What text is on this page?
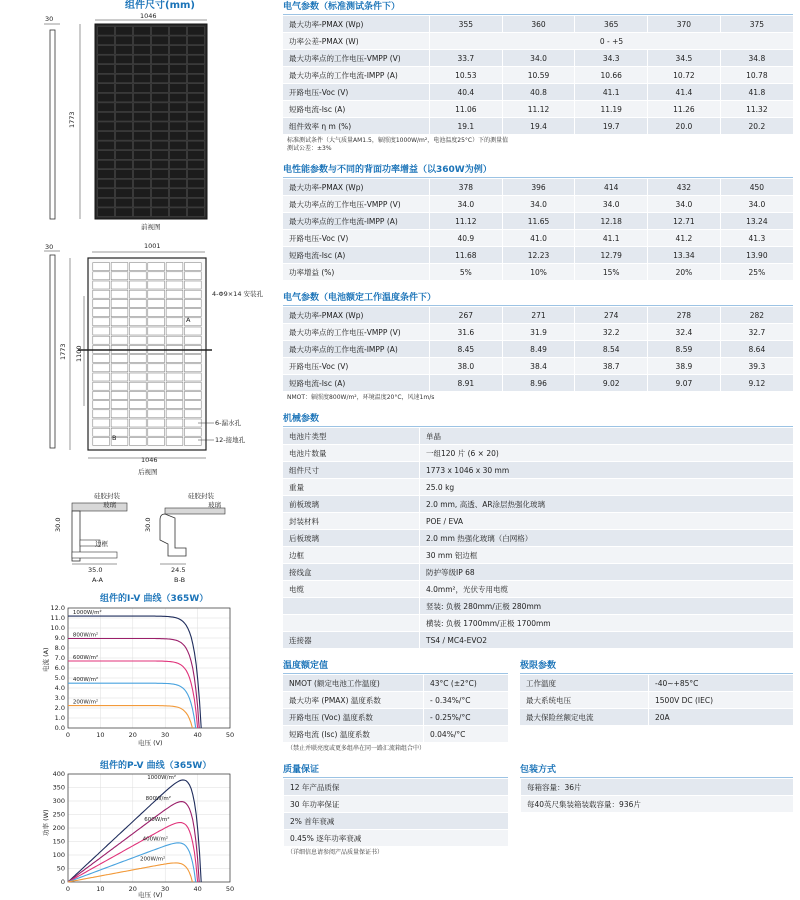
组件尺寸(mm)
30	1046
1773
前视图
30	1001
1773 1100
4-Φ9×14 安装孔
A
B
6-漏水孔
12-接地孔
1046
后视图
硅胶封装
玻璃
边框
30.0
35.0
A-A
硅胶封装
玻璃
30.0
24.5
B-B
组件的I-V 曲线（365W）
0.0
1.0
2.0
3.0
4.0
5.0
6.0
7.0
8.0
9.0
10.0
11.0
12.0
0	10	20	30	40	50
1000W/m²
800W/m²
600W/m²
400W/m²
200W/m²
电压 (V)
电流 (A)
组件的P-V 曲线（365W）
0
50
100
150
200
250
300
350
400
0	10	20	30	40	50
1000W/m²
800W/m²
600W/m²
400W/m²
200W/m²
电压 (V)
功率 (W)
电气参数（标准测试条件下）
最大功率-PMAX (Wp)	355	360	365	370	375
功率公差-PMAX (W)	0 - +5				
最大功率点的工作电压-VMPP (V)	33.7	34.0	34.3	34.5	34.8
最大功率点的工作电流-IMPP (A)	10.53	10.59	10.66	10.72	10.78
开路电压-Voc (V)	40.4	40.8	41.1	41.4	41.8
短路电流-Isc (A)	11.06	11.12	11.19	11.26	11.32
组件效率 η m (%)	19.1	19.4	19.7	20.0	20.2
标准测试条件（大气质量AM1.5，辐照度1000W/m²，电池温度25°C）下的测量值
测试公差：±3%
电性能参数与不同的背面功率增益（以360W为例）
最大功率-PMAX (Wp)	378	396	414	432	450
最大功率点的工作电压-VMPP (V)	34.0	34.0	34.0	34.0	34.0
最大功率点的工作电流-IMPP (A)	11.12	11.65	12.18	12.71	13.24
开路电压-Voc (V)	40.9	41.0	41.1	41.2	41.3
短路电流-Isc (A)	11.68	12.23	12.79	13.34	13.90
功率增益 (%)	5%	10%	15%	20%	25%
电气参数（电池额定工作温度条件下）
最大功率-PMAX (Wp)	267	271	274	278	282
最大功率点的工作电压-VMPP (V)	31.6	31.9	32.2	32.4	32.7
最大功率点的工作电流-IMPP (A)	8.45	8.49	8.54	8.59	8.64
开路电压-Voc (V)	38.0	38.4	38.7	38.9	39.3
短路电流-Isc (A)	8.91	8.96	9.02	9.07	9.12
NMOT：辐照度800W/m²，环境温度20°C，风速1m/s
机械参数
电池片类型	单晶
电池片数量	一组120 片 (6 × 20)
组件尺寸	1773 x 1046 x 30 mm
重量	25.0 kg
前板玻璃	2.0 mm, 高透、AR涂层热强化玻璃
封装材料	POE / EVA
后板玻璃	2.0 mm 热强化玻璃（白网格）
边框	30 mm 铝边框
接线盒	防护等级IP 68
电缆	4.0mm²，光伏专用电缆
	竖装: 负极 280mm/正极 280mm
	横装: 负极 1700mm/正极 1700mm
连接器	TS4 / MC4-EVO2
温度额定值
NMOT (额定电池工作温度)	43°C (±2°C)
最大功率 (PMAX) 温度系数	- 0.34%/°C
开路电压 (Voc) 温度系数	- 0.25%/°C
短路电流 (Isc) 温度系数	0.04%/°C
（禁止并联亮度或更多组串在同一路汇流箱组合中）
极限参数
工作温度	-40~+85°C
最大系统电压	1500V DC (IEC)
最大保险丝额定电流	20A
质量保证
12 年产品质保
30 年功率保证
2% 首年衰减
0.45% 逐年功率衰减
（详细信息请参阅产品质量保证书）
包装方式
每箱容量：36片
每40英尺集装箱装载容量：936片
